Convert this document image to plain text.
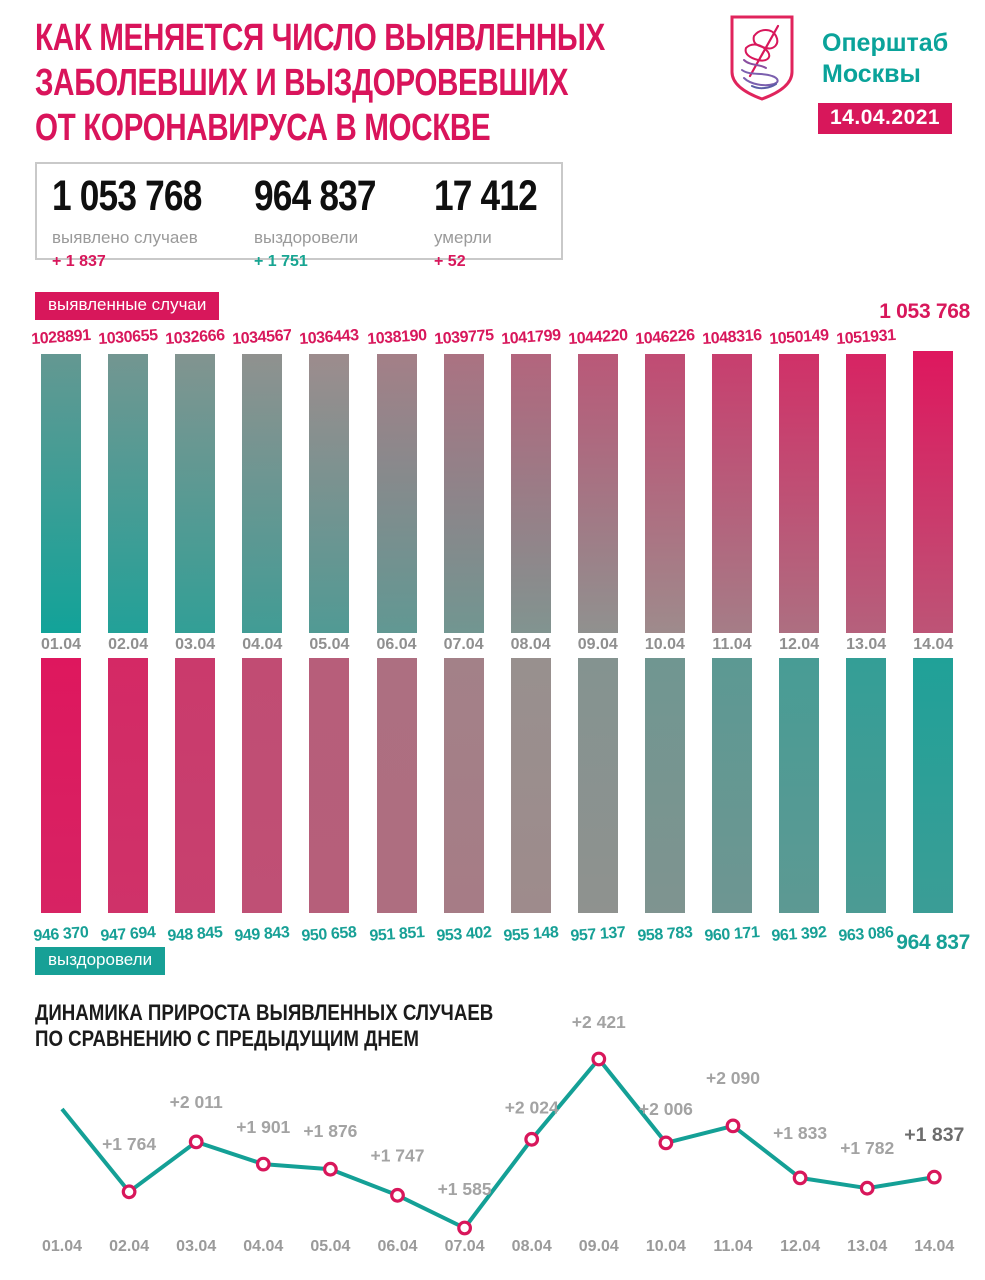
КАК МЕНЯЕТСЯ ЧИСЛО ВЫЯВЛЕННЫХ
ЗАБОЛЕВШИХ И ВЫЗДОРОВЕВШИХ
ОТ КОРОНАВИРУСА В МОСКВЕ
Оперштаб
Москвы
14.04.2021
1 053 768
выявлено случаев
+ 1 837
964 837
выздоровели
+ 1 751
17 412
умерли
+ 52
выявленные случаи
выздоровели
1028891
01.04
946 370
1030655
02.04
947 694
1032666
03.04
948 845
1034567
04.04
949 843
1036443
05.04
950 658
1038190
06.04
951 851
1039775
07.04
953 402
1041799
08.04
955 148
1044220
09.04
957 137
1046226
10.04
958 783
1048316
11.04
960 171
1050149
12.04
961 392
1051931
13.04
963 086
14.04
1 053 768
964 837
ДИНАМИКА ПРИРОСТА ВЫЯВЛЕННЫХ СЛУЧАЕВ
ПО СРАВНЕНИЮ С ПРЕДЫДУЩИМ ДНЕМ
01.04
+1 764
02.04
+2 011
03.04
+1 901
04.04
+1 876
05.04
+1 747
06.04
+1 585
07.04
+2 024
08.04
+2 421
09.04
+2 006
10.04
+2 090
11.04
+1 833
12.04
+1 782
13.04
+1 837
14.04
